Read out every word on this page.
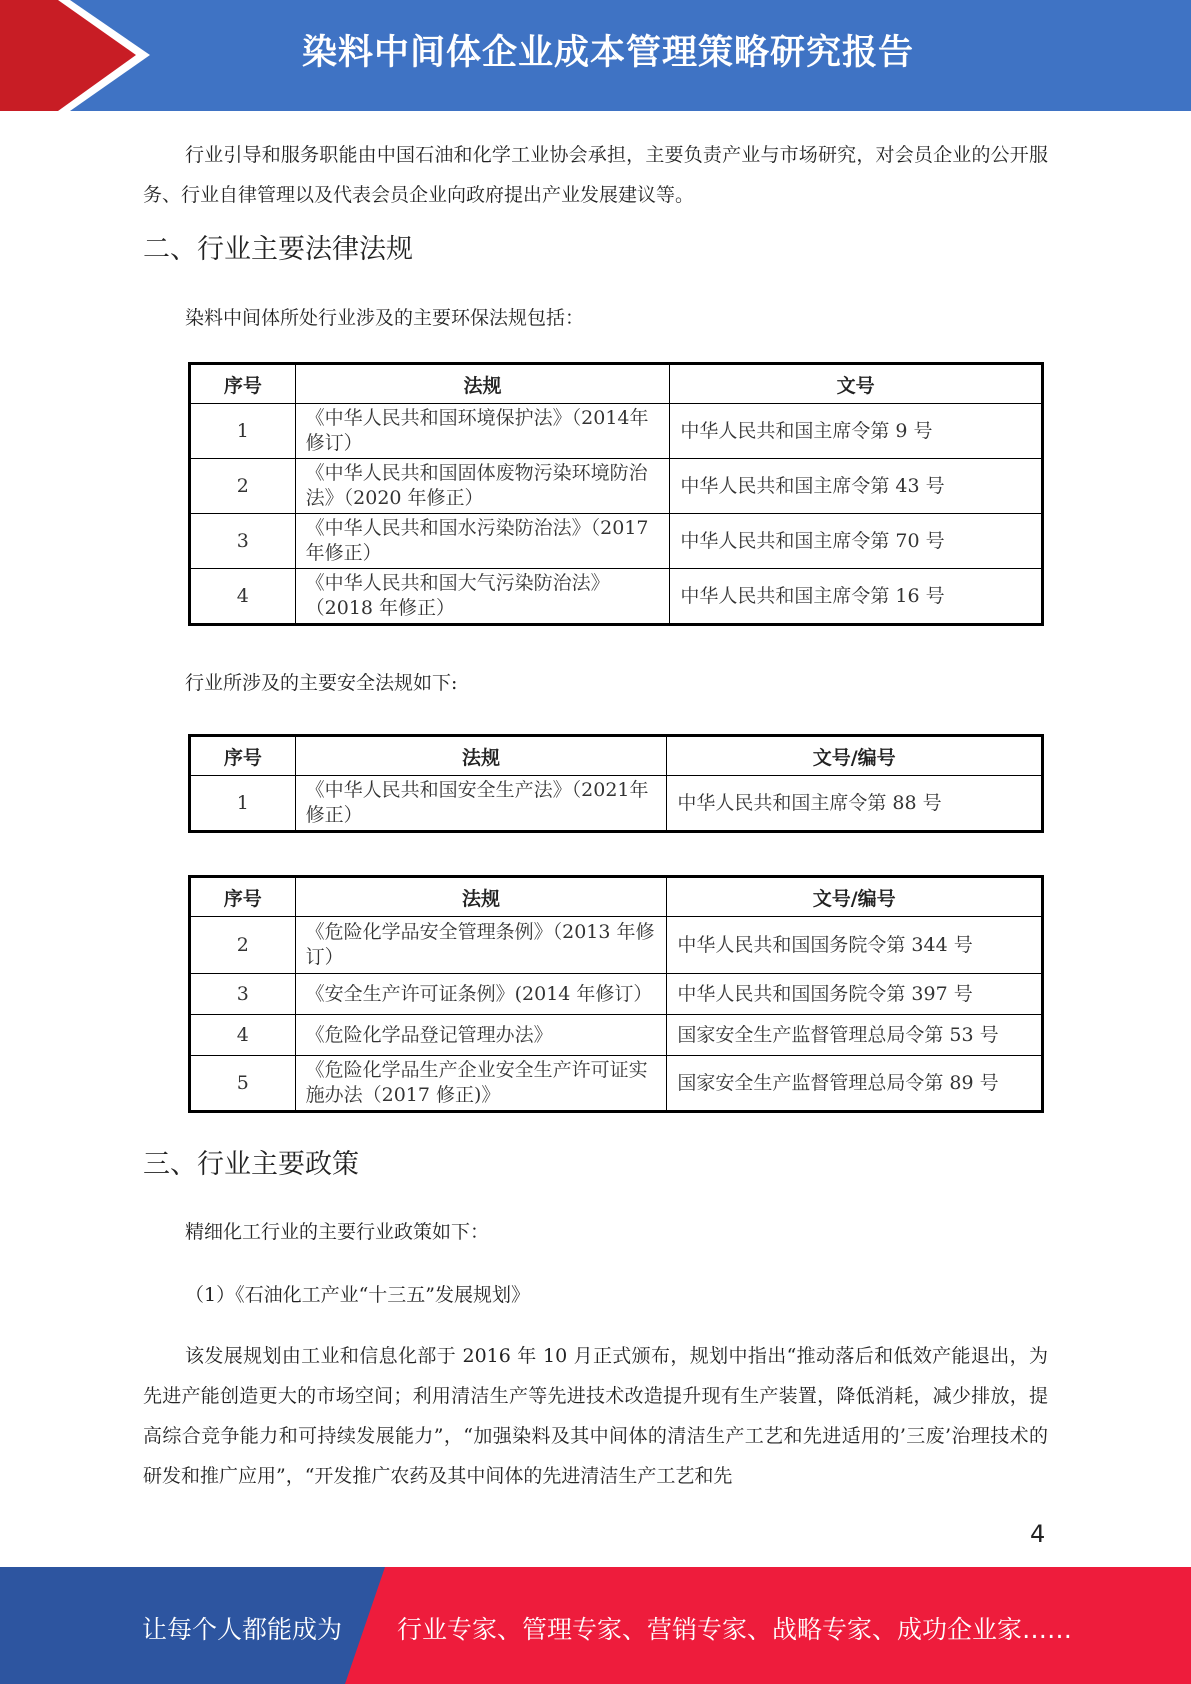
染料中间体企业成本管理策略研究报告

行业引导和服务职能由中国石油和化学工业协会承担，主要负责产业与市场研究，对会员企业的公开服务、行业自律管理以及代表会员企业向政府提出产业发展建议等。

二、行业主要法律法规

染料中间体所处行业涉及的主要环保法规包括：

序号	法规	文号
1	《中华人民共和国环境保护法》（2014年修订）	中华人民共和国主席令第 9 号
2	《中华人民共和国固体废物污染环境防治法》（2020 年修正）	中华人民共和国主席令第 43 号
3	《中华人民共和国水污染防治法》（2017 年修正）	中华人民共和国主席令第 70 号
4	《中华人民共和国大气污染防治法》（2018 年修正）	中华人民共和国主席令第 16 号

行业所涉及的主要安全法规如下:

序号	法规	文号/编号
1	《中华人民共和国安全生产法》（2021年修正）	中华人民共和国主席令第 88 号
序号	法规	文号/编号
2	《危险化学品安全管理条例》（2013 年修订）	中华人民共和国国务院令第 344 号
3	《安全生产许可证条例》(2014 年修订）	中华人民共和国国务院令第 397 号
4	《危险化学品登记管理办法》	国家安全生产监督管理总局令第 53 号
5	《危险化学品生产企业安全生产许可证实施办法（2017 修正)》	国家安全生产监督管理总局令第 89 号
三、行业主要政策

精细化工行业的主要行业政策如下：

（1）《石油化工产业“十三五”发展规划》

该发展规划由工业和信息化部于 2016 年 10 月正式颁布，规划中指出“推动落后和低效产能退出，为先进产能创造更大的市场空间；利用清洁生产等先进技术改造提升现有生产装置，降低消耗，减少排放，提高综合竞争能力和可持续发展能力”，“加强染料及其中间体的清洁生产工艺和先进适用的’三废’治理技术的研发和推广应用”，“开发推广农药及其中间体的先进清洁生产工艺和先

4
让每个人都能成为 行业专家、管理专家、营销专家、战略专家、成功企业家……
